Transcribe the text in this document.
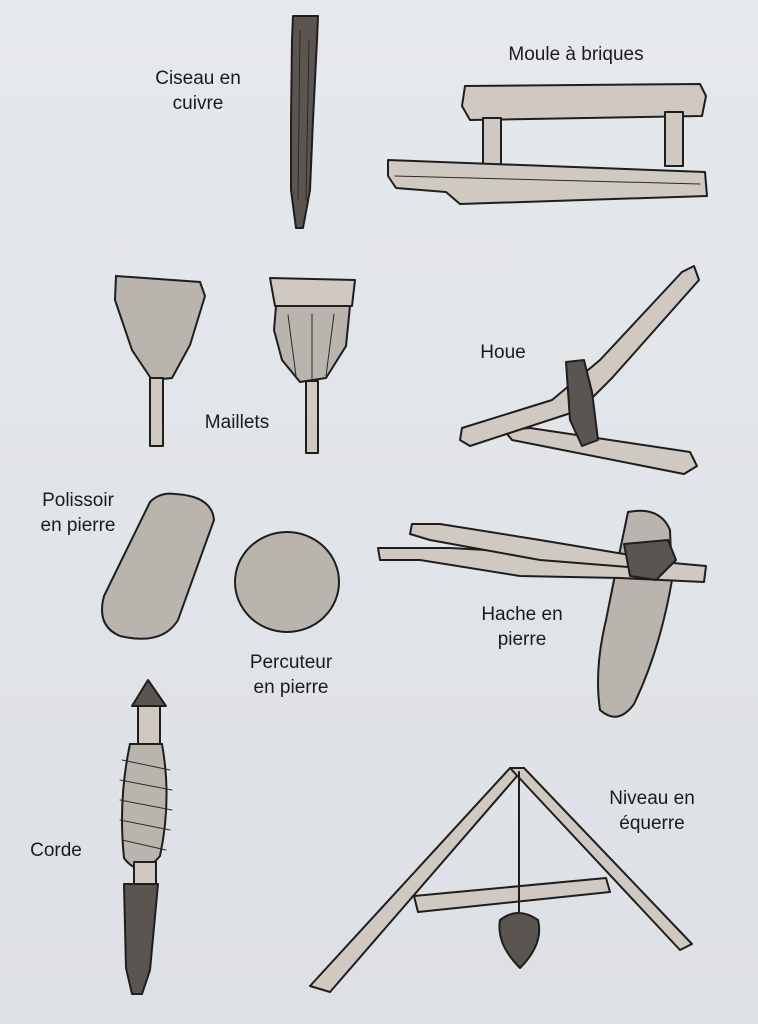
Ciseau en
cuivre
Moule à briques
Maillets
Houe
Polissoir
en pierre
Percuteur
en pierre
Hache en
pierre
Corde
Niveau en
équerre
